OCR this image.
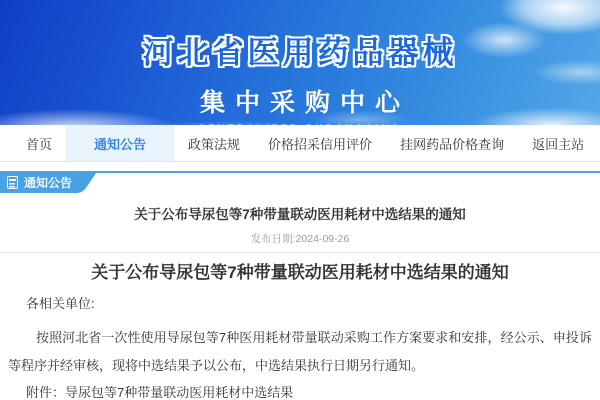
河北省医用药品器械
集中采购中心
CENTRALIZED PURCHASING
首页	通知公告	政策法规	价格招采信用评价	挂网药品价格查询	返回主站
通知公告
关于公布导尿包等7种带量联动医用耗材中选结果的通知
发布日期:2024-09-26
关于公布导尿包等7种带量联动医用耗材中选结果的通知
各相关单位:
按照河北省一次性使用导尿包等7种医用耗材带量联动采购工作方案要求和安排，经公示、申投诉等程序并经审核，现将中选结果予以公布，中选结果执行日期另行通知。
附件：导尿包等7种带量联动医用耗材中选结果
